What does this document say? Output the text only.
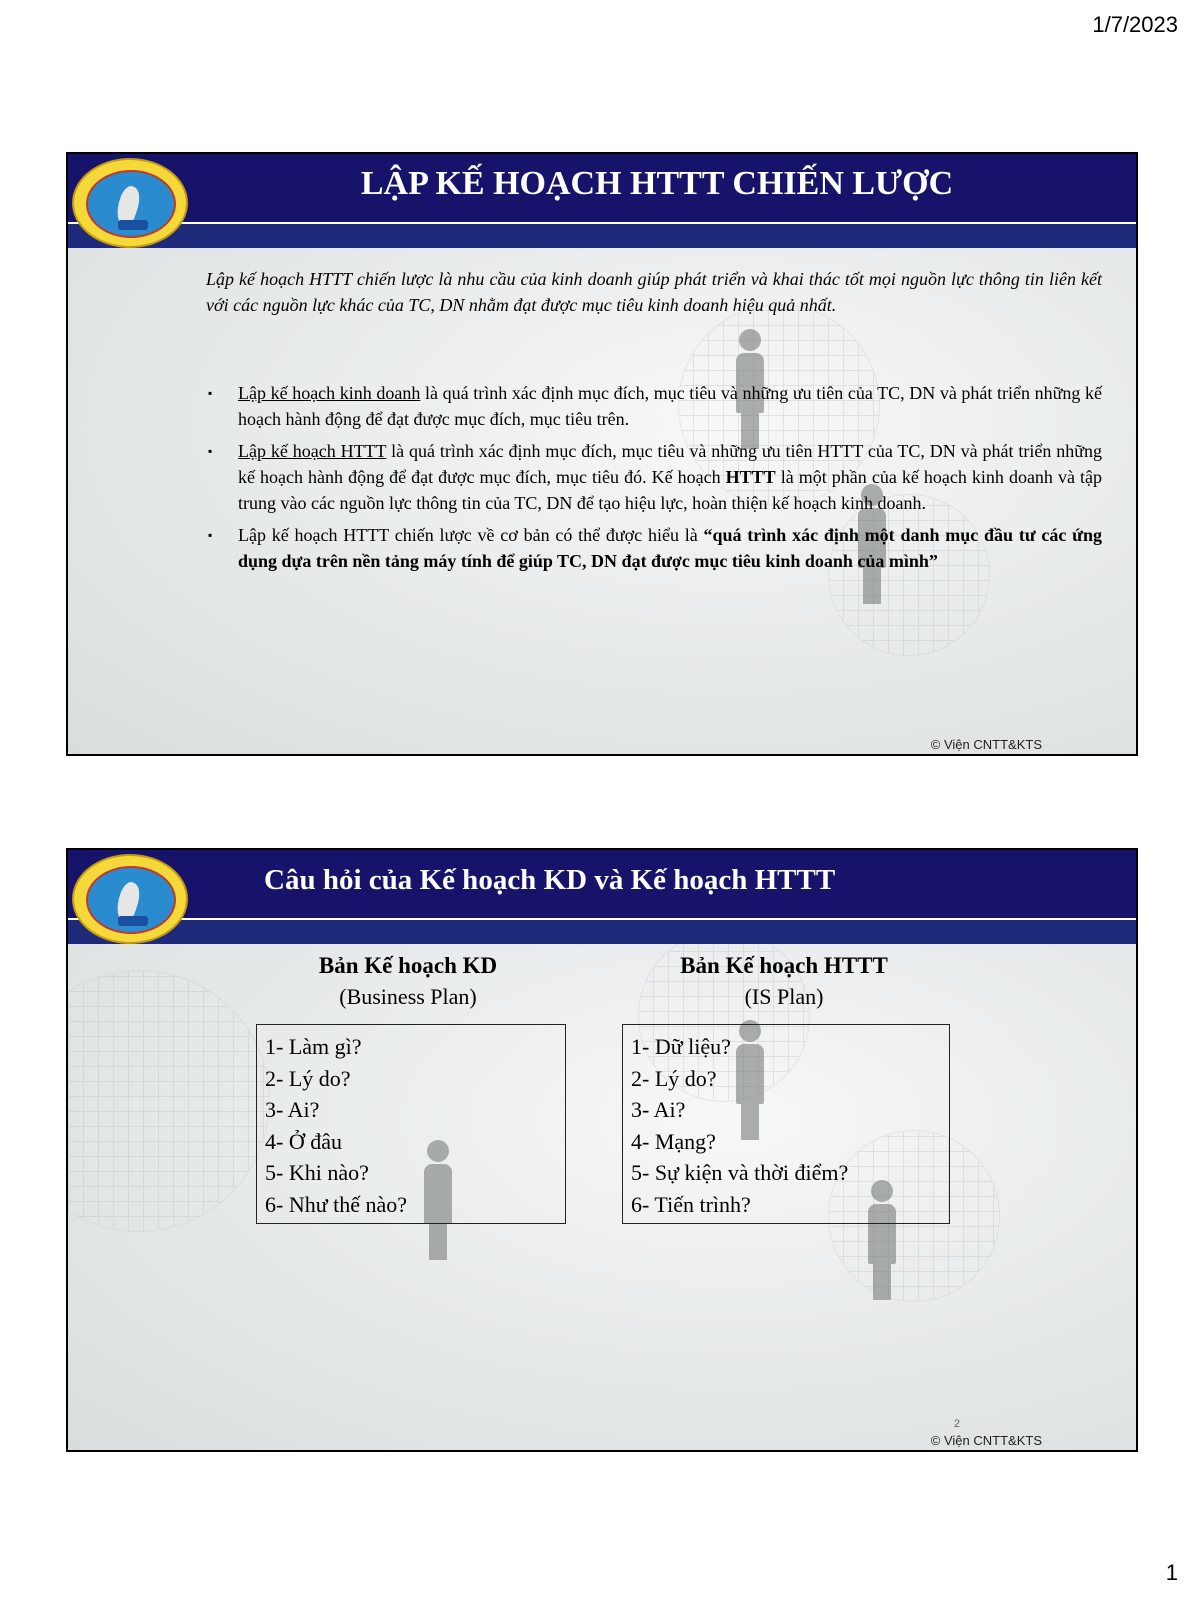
1/7/2023
LẬP KẾ HOẠCH HTTT CHIẾN LƯỢC
Lập kế hoạch HTTT chiến lược là nhu cầu của kinh doanh giúp phát triển và khai thác tốt mọi nguồn lực thông tin liên kết với các nguồn lực khác của TC, DN nhằm đạt được mục tiêu kinh doanh hiệu quả nhất.
▪ Lập kế hoạch kinh doanh là quá trình xác định mục đích, mục tiêu và những ưu tiên của TC, DN và phát triển những kế hoạch hành động để đạt được mục đích, mục tiêu trên.
▪ Lập kế hoạch HTTT là quá trình xác định mục đích, mục tiêu và những ưu tiên HTTT của TC, DN và phát triển những kế hoạch hành động để đạt được mục đích, mục tiêu đó. Kế hoạch HTTT là một phần của kế hoạch kinh doanh và tập trung vào các nguồn lực thông tin của TC, DN để tạo hiệu lực, hoàn thiện kế hoạch kinh doanh.
▪ Lập kế hoạch HTTT chiến lược về cơ bản có thể được hiểu là “quá trình xác định một danh mục đầu tư các ứng dụng dựa trên nền tảng máy tính để giúp TC, DN đạt được mục tiêu kinh doanh của mình”
© Viện CNTT&KTS
Câu hỏi của Kế hoạch KD và Kế hoạch HTTT
Bản Kế hoạch KD
(Business Plan)
1- Làm gì?
2- Lý do?
3- Ai?
4- Ở đâu
5- Khi nào?
6- Như thế nào?
Bản Kế hoạch HTTT
(IS Plan)
1- Dữ liệu?
2- Lý do?
3- Ai?
4- Mạng?
5- Sự kiện và thời điểm?
6- Tiến trình?
2
© Viện CNTT&KTS
1
